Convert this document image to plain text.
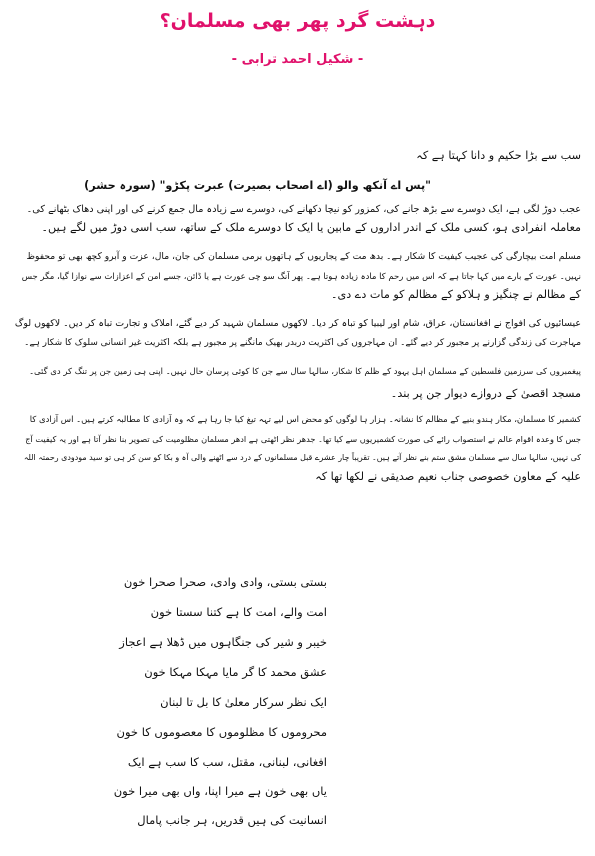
دہشت گرد پھر بھی مسلمان؟
- شکیل احمد ترابی -
سب سے بڑا حکیم و دانا کہتا ہے کہ
"پس اے آنکھ والو (اے اصحاب بصیرت) عبرت پکڑو" (سورہ حشر)
عجب دوڑ لگی ہے، ایک دوسرے سے بڑھ جانے کی، کمزور کو نیچا دکھانے کی، دوسرے سے زیادہ مال جمع کرنے کی اور اپنی دھاک بٹھانے کی۔
معاملہ انفرادی ہو، کسی ملک کے اندر اداروں کے مابین یا ایک کا دوسرے ملک کے ساتھ، سب اسی دوڑ میں لگے ہیں۔
مسلم امت بیچارگی کی عجیب کیفیت کا شکار ہے۔ بدھ مت کے پجاریوں کے ہاتھوں برمی مسلمان کی جان، مال، عزت و آبرو کچھ بھی تو محفوظ
نہیں۔ عورت کے بارے میں کہا جاتا ہے کہ اس میں رحم کا مادہ زیادہ ہوتا ہے۔ پھر آنگ سو چی عورت ہے یا ڈائن، جسے امن کے اعزازات سے نوازا گیا، مگر جس
کے مظالم نے چنگیز و ہلاکو کے مظالم کو مات دے دی۔
عیسائیوں کی افواج نے افغانستان، عراق، شام اور لیبیا کو تباہ کر دیا۔ لاکھوں مسلمان شہید کر دیے گئے، املاک و تجارت تباہ کر دیں۔ لاکھوں لوگ
مہاجرت کی زندگی گزارنے پر مجبور کر دیے گئے۔ ان مہاجروں کی اکثریت دربدر بھیک مانگنے پر مجبور ہے بلکہ اکثریت غیر انسانی سلوک کا شکار ہے۔
پیغمبروں کی سرزمین فلسطین کے مسلمان اہل یہود کے ظلم کا شکار، سالہا سال سے جن کا کوئی پرسان حال نہیں۔ اپنی ہی زمین جن پر تنگ کر دی گئی۔
مسجد اقصیٰ کے دروازے دیوار جن پر بند۔
کشمیر کا مسلمان، مکار ہندو بنیے کے مظالم کا نشانہ۔ ہزار ہا لوگوں کو محض اس لیے تہہ تیغ کیا جا رہا ہے کہ وہ آزادی کا مطالبہ کرتے ہیں۔ اس آزادی کا
جس کا وعدہ اقوام عالم نے استصواب رائے کی صورت کشمیریوں سے کیا تھا۔ جدھر نظر اٹھتی ہے ادھر مسلمان مظلومیت کی تصویر بنا نظر آتا ہے اور یہ کیفیت آج
کی نہیں، سالہا سال سے مسلمان مشق ستم بنے نظر آتے ہیں۔ تقریباً چار عشرے قبل مسلمانوں کے درد سے اٹھنے والی آہ و بکا کو سن کر ہی تو سید مودودی رحمتہ اللہ
علیہ کے معاون خصوصی جناب نعیم صدیقی نے لکھا تھا کہ
بستی بستی، وادی وادی، صحرا صحرا خون
امت والے، امت کا ہے کتنا سستا خون
خیبر و شیر کی جنگاہوں میں ڈھلا ہے اعجاز
عشق محمد کا گر مایا مہکا مہکا خون
ایک نظر سرکار معلیٰ کا بل تا لبنان
محروموں کا مظلوموں کا معصوموں کا خون
افغانی، لبنانی، مقتل، سب کا سب ہے ایک
یاں بھی خون ہے میرا اپنا، واں بھی میرا خون
انسانیت کی ہیں قدریں، ہر جانب پامال
